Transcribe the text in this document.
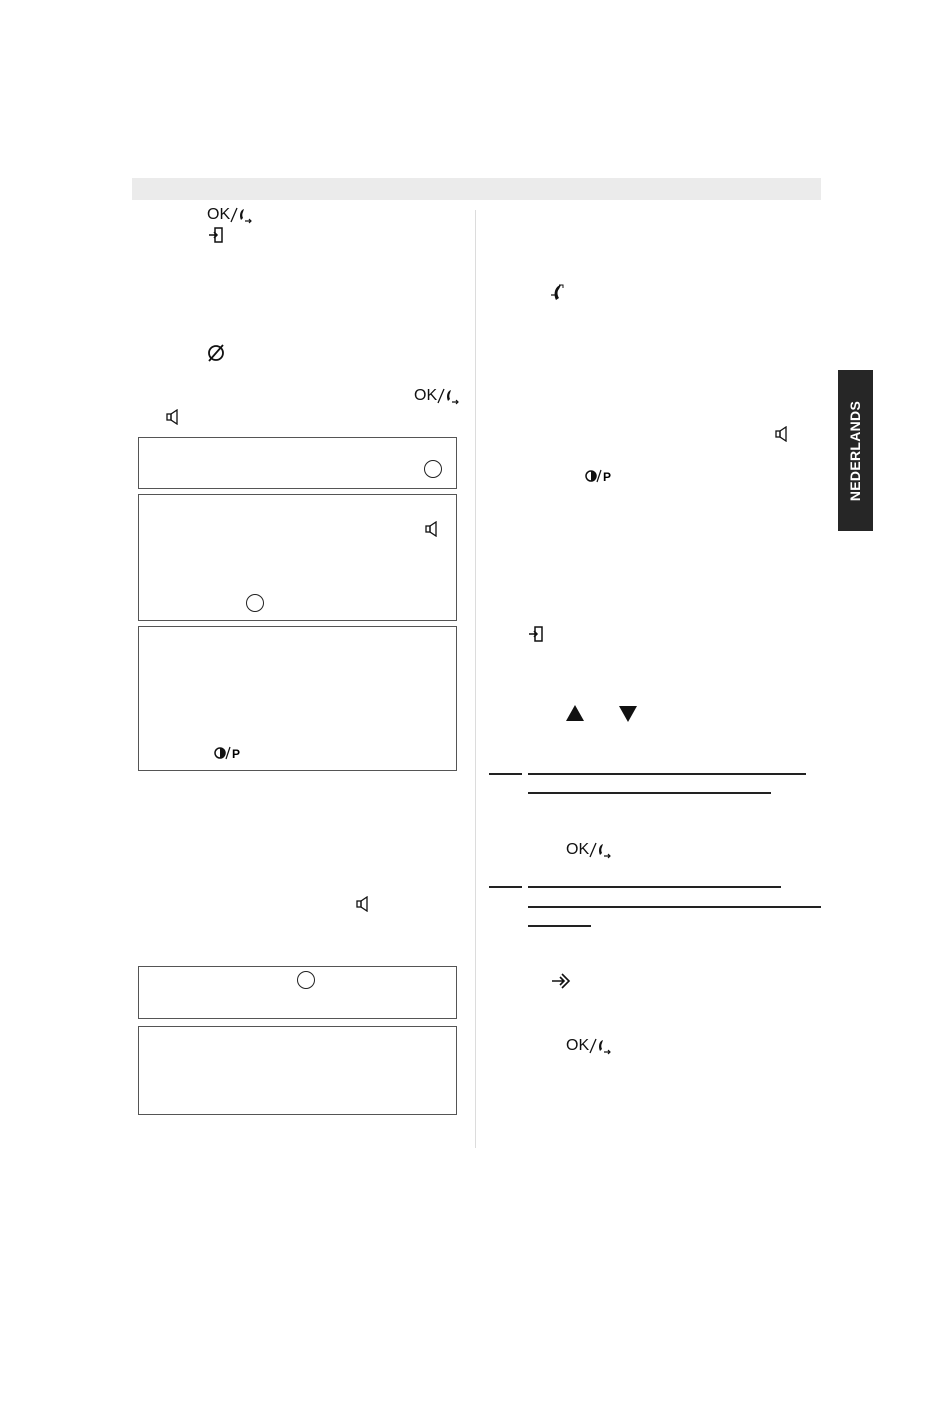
NEDERLANDS
OK
OK
P
P
OK
OK
